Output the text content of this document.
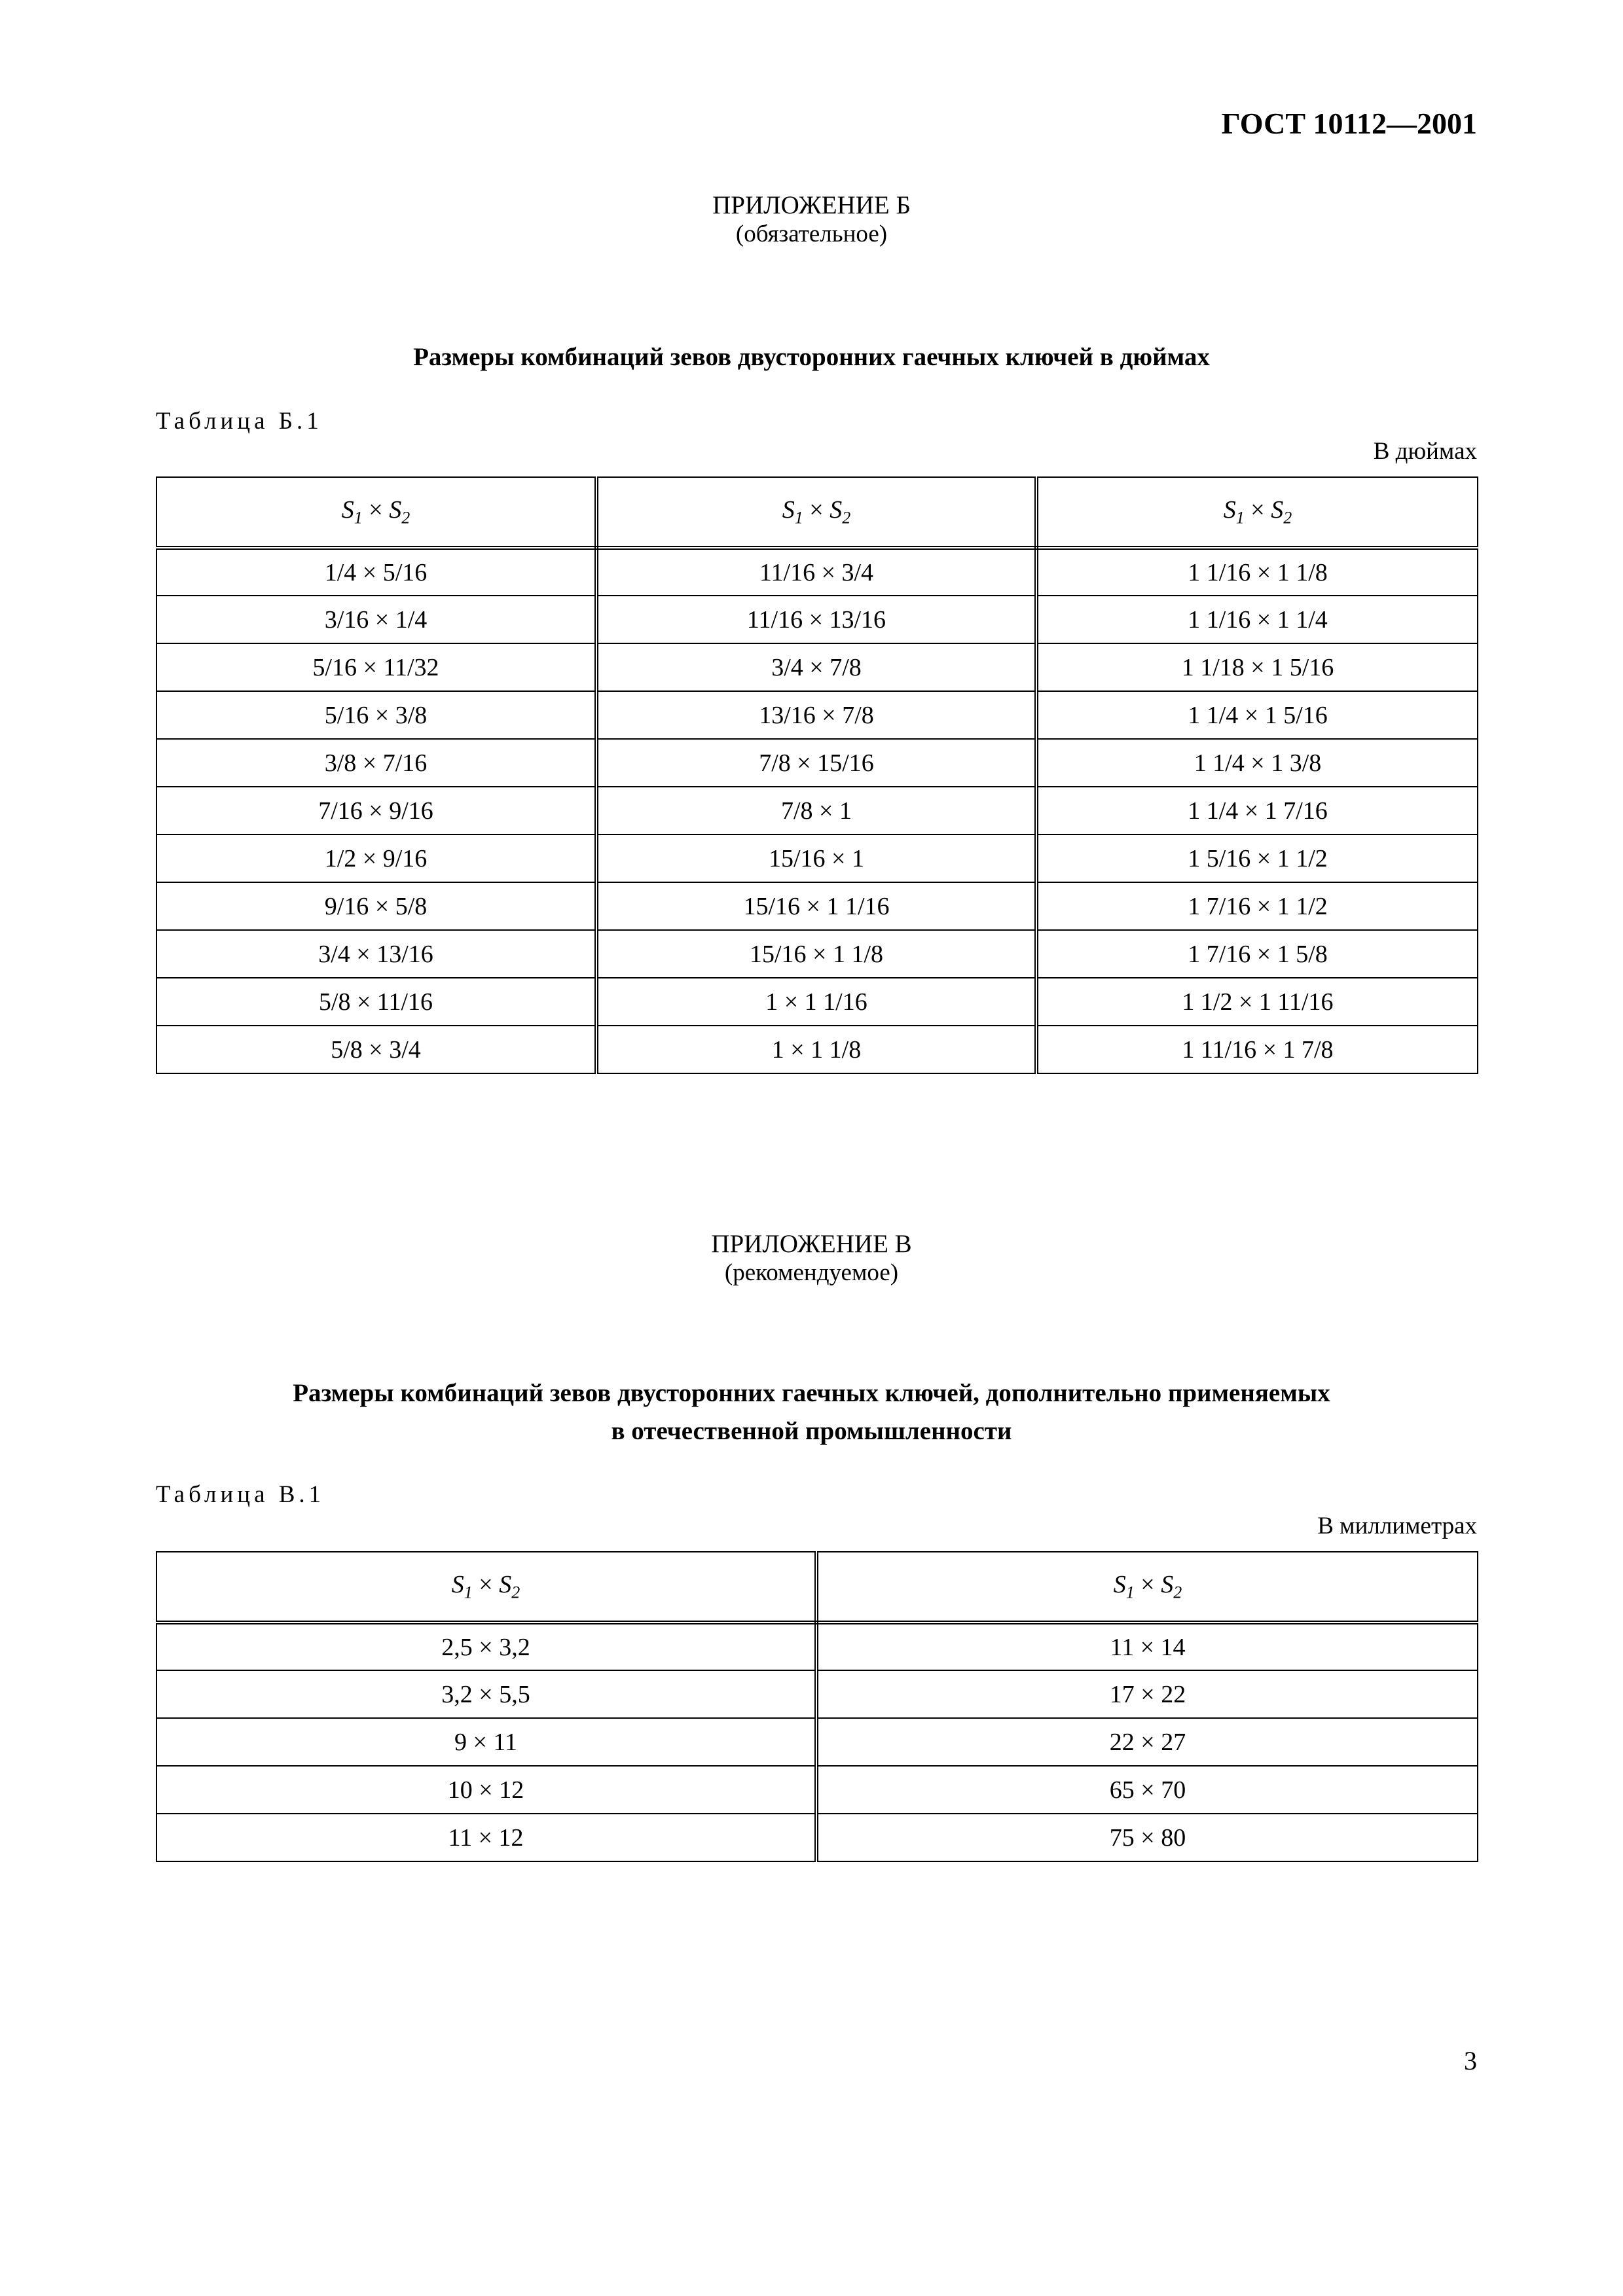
ГОСТ 10112—2001
ПРИЛОЖЕНИЕ Б
(обязательное)
Размеры комбинаций зевов двусторонних гаечных ключей в дюймах
Таблица Б.1
В дюймах
$S_1 \times S_2$	$S_1 \times S_2$	$S_1 \times S_2$
1/4 × 5/16	11/16 × 3/4	1 1/16 × 1 1/8
3/16 × 1/4	11/16 × 13/16	1 1/16 × 1 1/4
5/16 × 11/32	3/4 × 7/8	1 1/18 × 1 5/16
5/16 × 3/8	13/16 × 7/8	1 1/4 × 1 5/16
3/8 × 7/16	7/8 × 15/16	1 1/4 × 1 3/8
7/16 × 9/16	7/8 × 1	1 1/4 × 1 7/16
1/2 × 9/16	15/16 × 1	1 5/16 × 1 1/2
9/16 × 5/8	15/16 × 1 1/16	1 7/16 × 1 1/2
3/4 × 13/16	15/16 × 1 1/8	1 7/16 × 1 5/8
5/8 × 11/16	1 × 1 1/16	1 1/2 × 1 11/16
5/8 × 3/4	1 × 1 1/8	1 11/16 × 1 7/8
ПРИЛОЖЕНИЕ В
(рекомендуемое)
Размеры комбинаций зевов двусторонних гаечных ключей, дополнительно применяемых
в отечественной промышленности
Таблица В.1
В миллиметрах
$S_1 \times S_2$	$S_1 \times S_2$
2,5 × 3,2	11 × 14
3,2 × 5,5	17 × 22
9 × 11	22 × 27
10 × 12	65 × 70
11 × 12	75 × 80
3
